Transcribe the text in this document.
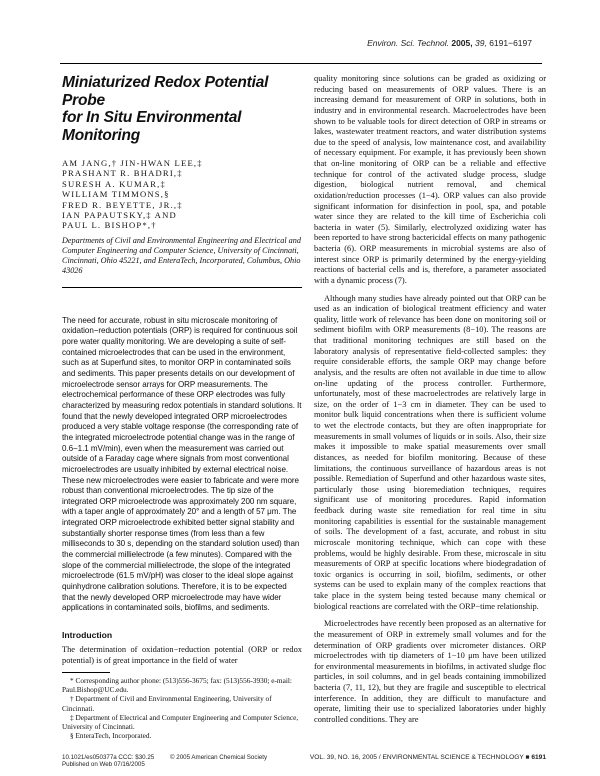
Environ. Sci. Technol. 2005, 39, 6191−6197
Miniaturized Redox Potential Probe
for In Situ Environmental Monitoring
AM JANG,† JIN-HWAN LEE,‡
PRASHANT R. BHADRI,‡
SURESH A. KUMAR,‡
WILLIAM TIMMONS,§
FRED R. BEYETTE, JR.,‡
IAN PAPAUTSKY,‡ AND
PAUL L. BISHOP*,†
Departments of Civil and Environmental Engineering and Electrical and Computer Engineering and Computer Science, University of Cincinnati, Cincinnati, Ohio 45221, and EnteraTech, Incorporated, Columbus, Ohio 43026
The need for accurate, robust in situ microscale monitoring of oxidation−reduction potentials (ORP) is required for continuous soil pore water quality monitoring. We are developing a suite of self-contained microelectrodes that can be used in the environment, such as at Superfund sites, to monitor ORP in contaminated soils and sediments. This paper presents details on our development of microelectrode sensor arrays for ORP measurements. The electrochemical performance of these ORP electrodes was fully characterized by measuring redox potentials in standard solutions. It found that the newly developed integrated ORP microelectrodes produced a very stable voltage response (the corresponding rate of the integrated microelectrode potential change was in the range of 0.6−1.1 mV/min), even when the measurement was carried out outside of a Faraday cage where signals from most conventional microelectrodes are usually inhibited by external electrical noise. These new microelectrodes were easier to fabricate and were more robust than conventional microelectrodes. The tip size of the integrated ORP microelectrode was approximately 200 nm square, with a taper angle of approximately 20° and a length of 57 μm. The integrated ORP microelectrode exhibited better signal stability and substantially shorter response times (from less than a few milliseconds to 30 s, depending on the standard solution used) than the commercial millielectrode (a few minutes). Compared with the slope of the commercial millielectrode, the slope of the integrated microelectrode (61.5 mV/pH) was closer to the ideal slope against quinhydrone calibration solutions. Therefore, it is to be expected that the newly developed ORP microelectrode may have wider applications in contaminated soils, biofilms, and sediments.
Introduction
The determination of oxidation−reduction potential (ORP or redox potential) is of great importance in the field of water

* Corresponding author phone: (513)556-3675; fax: (513)556-3930; e-mail: Paul.Bishop@UC.edu.

† Department of Civil and Environmental Engineering, University of Cincinnati.

‡ Department of Electrical and Computer Engineering and Computer Science, University of Cincinnati.

§ EnteraTech, Incorporated.

quality monitoring since solutions can be graded as oxidizing or reducing based on measurements of ORP values. There is an increasing demand for measurement of ORP in solutions, both in industry and in environmental research. Macroelectrodes have been shown to be valuable tools for direct detection of ORP in streams or lakes, wastewater treatment reactors, and water distribution systems due to the speed of analysis, low maintenance cost, and availability of necessary equipment. For example, it has previously been shown that on-line monitoring of ORP can be a reliable and effective technique for control of the activated sludge process, sludge digestion, biological nutrient removal, and chemical oxidation/reduction processes (1−4). ORP values can also provide significant information for disinfection in pool, spa, and potable water since they are related to the kill time of Escherichia coli bacteria in water (5). Similarly, electrolyzed oxidizing water has been reported to have strong bactericidal effects on many pathogenic bacteria (6). ORP measurements in microbial systems are also of interest since ORP is primarily determined by the energy-yielding reactions of bacterial cells and is, therefore, a parameter associated with a dynamic process (7).

Although many studies have already pointed out that ORP can be used as an indication of biological treatment efficiency and water quality, little work of relevance has been done on monitoring soil or sediment biofilm with ORP measurements (8−10). The reasons are that traditional monitoring techniques are still based on the laboratory analysis of representative field-collected samples: they require considerable efforts, the sample ORP may change before analysis, and the results are often not available in due time to allow on-line updating of the process controller. Furthermore, unfortunately, most of these macroelectrodes are relatively large in size, on the order of 1−3 cm in diameter. They can be used to monitor bulk liquid concentrations when there is sufficient volume to wet the electrode contacts, but they are often inappropriate for measurements in small volumes of liquids or in soils. Also, their size makes it impossible to make spatial measurements over small distances, as needed for biofilm monitoring. Because of these limitations, the continuous surveillance of hazardous areas is not possible. Remediation of Superfund and other hazardous waste sites, particularly those using bioremediation techniques, requires significant use of monitoring procedures. Rapid information feedback during waste site remediation for real time in situ monitoring capabilities is essential for the sustainable management of soils. The development of a fast, accurate, and robust in situ microscale monitoring technique, which can cope with these problems, would be highly desirable. From these, microscale in situ measurements of ORP at specific locations where biodegradation of toxic organics is occurring in soil, biofilm, sediments, or other systems can be used to explain many of the complex reactions that take place in the system being tested because many chemical or biological reactions are correlated with the ORP−time relationship.

Microelectrodes have recently been proposed as an alternative for the measurement of ORP in extremely small volumes and for the determination of ORP gradients over micrometer distances. ORP microelectrodes with tip diameters of 1−10 μm have been utilized for environmental measurements in biofilms, in activated sludge floc particles, in soil columns, and in gel beads containing immobilized bacteria (7, 11, 12), but they are fragile and susceptible to electrical interference. In addition, they are difficult to manufacture and operate, limiting their use to specialized laboratories under highly controlled conditions. They are

10.1021/es050377a CCC: $30.25
Published on Web 07/16/2005
© 2005 American Chemical Society	VOL. 39, NO. 16, 2005 / ENVIRONMENTAL SCIENCE & TECHNOLOGY ■ 6191
